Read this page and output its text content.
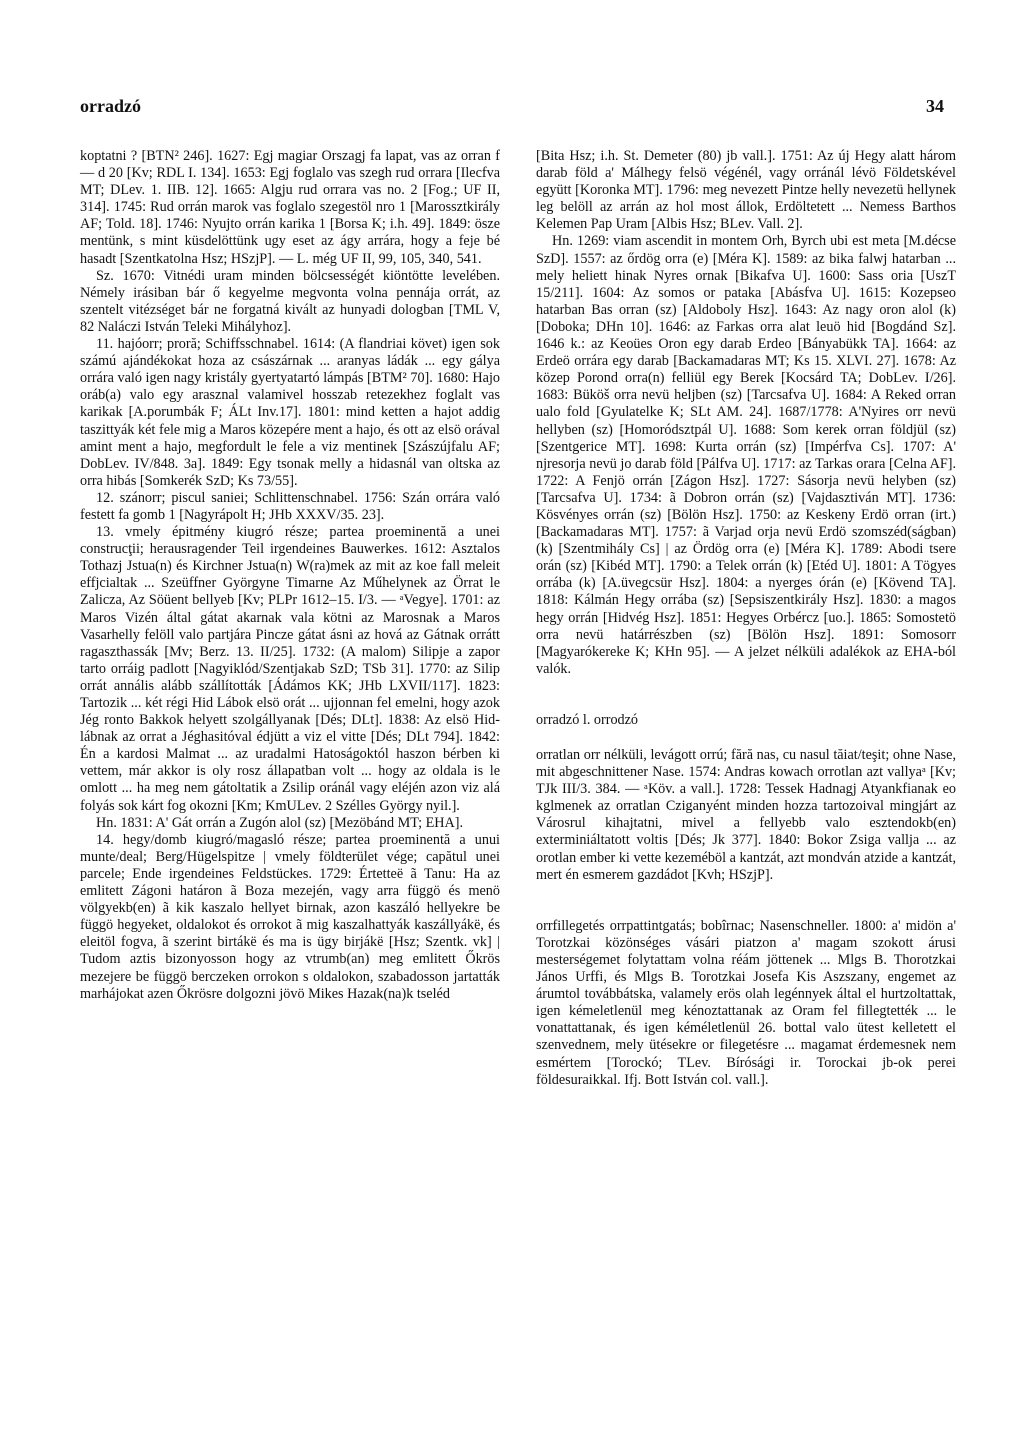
orradzó	34

koptatni ? [BTN² 246]. 1627: Egj magiar Orszagj fa lapat, vas az orran f — d 20 [Kv; RDL I. 134]. 1653: Egj foglalo vas szegh rud orrara [Ilecfva MT; DLev. 1. IIB. 12]. 1665: Algju rud orrara vas no. 2 [Fog.; UF II, 314]. 1745: Rud orrán marok vas foglalo szegestöl nro 1 [Marossztkirály AF; Told. 18]. 1746: Nyujto orrán karika 1 [Borsa K; i.h. 49]. 1849: ösze mentünk, s mint küsdelöttünk ugy eset az ágy arrára, hogy a feje bé hasadt [Szentkatolna Hsz; HSzjP]. — L. még UF II, 99, 105, 340, 541.

Sz. 1670: Vitnédi uram minden bölcsességét kiöntötte levelében. Némely irásiban bár ő kegyelme megvonta volna pennája orrát, az szentelt vitézséget bár ne forgatná kivált az hunyadi dologban [TML V, 82 Naláczi István Teleki Mihályhoz].

11. hajóorr; proră; Schiffsschnabel. 1614: (A flandriai követ) igen sok számú ajándékokat hoza az császárnak ... aranyas ládák ... egy gálya orrára való igen nagy kristály gyertyatartó lámpás [BTM² 70]. 1680: Hajo oráb(a) valo egy arasznal valamivel hosszab retezekhez foglalt vas karikak [A.porumbák F; ÁLt Inv.17]. 1801: mind ketten a hajot addig taszittyák két fele mig a Maros közepére ment a hajo, és ott az elsö orával amint ment a hajo, megfordult le fele a viz mentinek [Szászújfalu AF; DobLev. IV/848. 3a]. 1849: Egy tsonak melly a hidasnál van oltska az orra hibás [Somkerék SzD; Ks 73/55].

12. szánorr; piscul saniei; Schlittenschnabel. 1756: Szán orrára való festett fa gomb 1 [Nagyrápolt H; JHb XXXV/35. 23].

13. vmely épitmény kiugró része; partea proeminentă a unei construcţii; herausragender Teil irgendeines Bauwerkes. 1612: Asztalos Tothazj Jstua(n) és Kirchner Jstua(n) W(ra)mek az mit az koe fall meleit effjcialtak ... Szeüffner Györgyne Timarne Az Műhelynek az Örrat le Zalicza, Az Söüent bellyeb [Kv; PLPr 1612–15. I/3. — ᵃVegye]. 1701: az Maros Vizén által gátat akarnak vala kötni az Marosnak a Maros Vasarhelly felöll valo partjára Pincze gátat ásni az hová az Gátnak orrátt ragaszthassák [Mv; Berz. 13. II/25]. 1732: (A malom) Silipje a zapor tarto orráig padlott [Nagyiklód/Szentjakab SzD; TSb 31]. 1770: az Silip orrát annális alább szállították [Ádámos KK; JHb LXVII/117]. 1823: Tartozik ... két régi Hid Lábok elsö orát ... ujjonnan fel emelni, hogy azok Jég ronto Bakkok helyett szolgállyanak [Dés; DLt]. 1838: Az elsö Hid-lábnak az orrat a Jéghasitóval édjütt a viz el vitte [Dés; DLt 794]. 1842: Én a kardosi Malmat ... az uradalmi Hatoságoktól haszon bérben ki vettem, már akkor is oly rosz állapatban volt ... hogy az oldala is le omlott ... ha meg nem gátoltatik a Zsilip oránál vagy eléjén azon viz alá folyás sok kárt fog okozni [Km; KmULev. 2 Szélles György nyil.].

Hn. 1831: A' Gát orrán a Zugón alol (sz) [Mezöbánd MT; EHA].

14. hegy/domb kiugró/magasló része; partea proeminentă a unui munte/deal; Berg/Hügelspitze | vmely földterület vége; capătul unei parcele; Ende irgendeines Feldstückes. 1729: Értetteë ã Tanu: Ha az emlitett Zágoni határon ã Boza mezején, vagy arra függö és menö völgyekb(en) ã kik kaszalo hellyet birnak, azon kaszáló hellyekre be függö hegyeket, oldalokot és orrokot ã mig kaszalhattyák kaszállyákë, és eleitöl fogva, ã szerint birtákë és ma is ügy birjákë [Hsz; Szentk. vk] | Tudom aztis bizonyosson hogy az vtrumb(an) meg emlitett Őkrös mezejere be függö berczeken orrokon s oldalokon, szabadosson jartatták marhájokat azen Őkrösre dolgozni jövö Mikes Hazak(na)k tseléd

[Bita Hsz; i.h. St. Demeter (80) jb vall.]. 1751: Az új Hegy alatt három darab föld a' Málhegy felsö végénél, vagy orránál lévö Földetskével együtt [Koronka MT]. 1796: meg nevezett Pintze helly nevezetü hellynek leg belöll az arrán az hol most állok, Erdöltetett ... Nemess Barthos Kelemen Pap Uram [Albis Hsz; BLev. Vall. 2].

Hn. 1269: viam ascendit in montem Orh, Byrch ubi est meta [M.décse SzD]. 1557: az őrdög orra (e) [Méra K]. 1589: az bika falwj hatarban ... mely heliett hinak Nyres ornak [Bikafva U]. 1600: Sass oria [UszT 15/211]. 1604: Az somos or pataka [Abásfva U]. 1615: Kozepseo hatarban Bas orran (sz) [Aldoboly Hsz]. 1643: Az nagy oron alol (k) [Doboka; DHn 10]. 1646: az Farkas orra alat leuö hid [Bogdánd Sz]. 1646 k.: az Keoües Oron egy darab Erdeo [Bányabükk TA]. 1664: az Erdeö orrára egy darab [Backamadaras MT; Ks 15. XLVI. 27]. 1678: Az közep Porond orra(n) felliül egy Berek [Kocsárd TA; DobLev. I/26]. 1683: Büköš orra nevü heljben (sz) [Tarcsafva U]. 1684: A Reked orran ualo fold [Gyulatelke K; SLt AM. 24]. 1687/1778: A'Nyires orr nevü hellyben (sz) [Homoródsztpál U]. 1688: Som kerek orran földjül (sz) [Szentgerice MT]. 1698: Kurta orrán (sz) [Impérfva Cs]. 1707: A' njresorja nevü jo darab föld [Pálfva U]. 1717: az Tarkas orara [Celna AF]. 1722: A Fenjö orrán [Zágon Hsz]. 1727: Sásorja nevü helyben (sz) [Tarcsafva U]. 1734: ã Dobron orrán (sz) [Vajdasztiván MT]. 1736: Kösvényes orrán (sz) [Bölön Hsz]. 1750: az Keskeny Erdö orran (irt.) [Backamadaras MT]. 1757: ã Varjad orja nevü Erdö szomszéd(ságban) (k) [Szentmihály Cs] | az Ördög orra (e) [Méra K]. 1789: Abodi tsere orán (sz) [Kibéd MT]. 1790: a Telek orrán (k) [Etéd U]. 1801: A Tögyes orrába (k) [A.üvegcsür Hsz]. 1804: a nyerges órán (e) [Kövend TA]. 1818: Kálmán Hegy orrába (sz) [Sepsiszentkirály Hsz]. 1830: a magos hegy orrán [Hidvég Hsz]. 1851: Hegyes Orbércz [uo.]. 1865: Somostetö orra nevü határrészben (sz) [Bölön Hsz]. 1891: Somosorr [Magyarókereke K; KHn 95]. — A jelzet nélküli adalékok az EHA-ból valók.

orradzó l. orrodzó

orratlan orr nélküli, levágott orrú; fără nas, cu nasul tăiat/teşit; ohne Nase, mit abgeschnittener Nase. 1574: Andras kowach orrotlan azt vallyaᵃ [Kv; TJk III/3. 384. — ᵃKöv. a vall.]. 1728: Tessek Hadnagj Atyankfianak eo kglmenek az orratlan Cziganyént minden hozza tartozoival mingjárt az Városrul kihajtatni, mivel a fellyebb valo esztendokb(en) exterminiáltatott voltis [Dés; Jk 377]. 1840: Bokor Zsiga vallja ... az orotlan ember ki vette kezeméböl a kantzát, azt mondván atzide a kantzát, mert én esmerem gazdádot [Kvh; HSzjP].

orrfillegetés orrpattintgatás; bobîrnac; Nasenschneller. 1800: a' midön a' Torotzkai közönséges vásári piatzon a' magam szokott árusi mesterségemet folytattam volna réám jöttenek ... Mlgs B. Thorotzkai János Urffi, és Mlgs B. Torotzkai Josefa Kis Aszszany, engemet az árumtol továbbátska, valamely erös olah legénnyek által el hurtzoltattak, igen kémeletlenül meg kénoztattanak az Oram fel fillegtették ... le vonattattanak, és igen kéméletlenül 26. bottal valo ütest kelletett el szenvednem, mely ütésekre or filegetésre ... magamat érdemesnek nem esmértem [Torockó; TLev. Bírósági ir. Torockai jb-ok perei földesuraikkal. Ifj. Bott István col. vall.].
